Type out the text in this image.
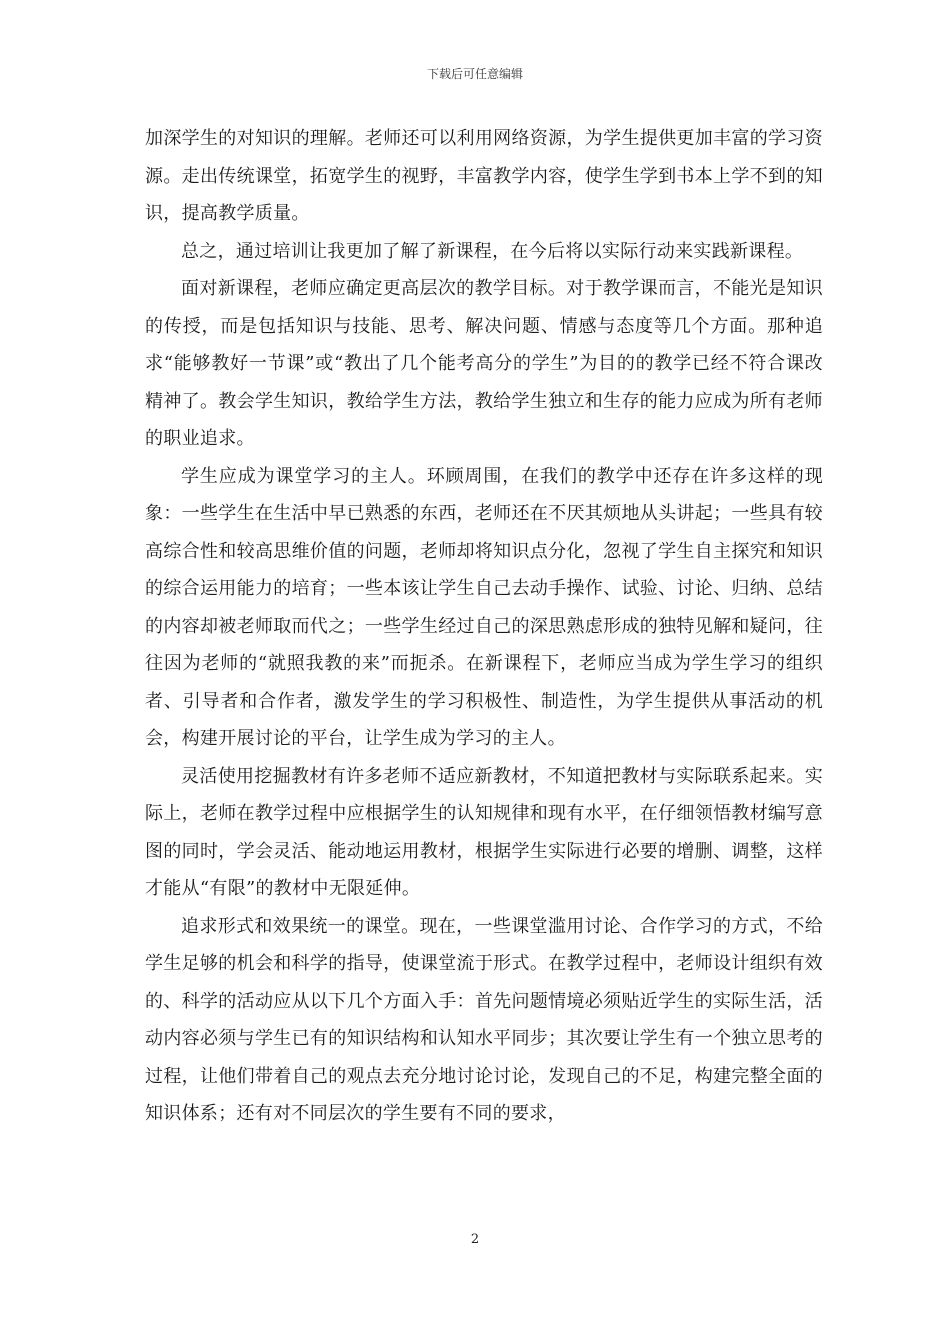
下载后可任意编辑

加深学生的对知识的理解。老师还可以利用网络资源，为学生提供更加丰富的学习资源。走出传统课堂，拓宽学生的视野，丰富教学内容，使学生学到书本上学不到的知识，提高教学质量。

总之，通过培训让我更加了解了新课程，在今后将以实际行动来实践新课程。

面对新课程，老师应确定更高层次的教学目标。对于教学课而言，不能光是知识的传授，而是包括知识与技能、思考、解决问题、情感与态度等几个方面。那种追求“能够教好一节课”或“教出了几个能考高分的学生”为目的的教学已经不符合课改精神了。教会学生知识，教给学生方法，教给学生独立和生存的能力应成为所有老师的职业追求。

学生应成为课堂学习的主人。环顾周围，在我们的教学中还存在许多这样的现象：一些学生在生活中早已熟悉的东西，老师还在不厌其烦地从头讲起；一些具有较高综合性和较高思维价值的问题，老师却将知识点分化，忽视了学生自主探究和知识的综合运用能力的培育；一些本该让学生自己去动手操作、试验、讨论、归纳、总结的内容却被老师取而代之；一些学生经过自己的深思熟虑形成的独特见解和疑问，往往因为老师的“就照我教的来”而扼杀。在新课程下，老师应当成为学生学习的组织者、引导者和合作者，激发学生的学习积极性、制造性，为学生提供从事活动的机会，构建开展讨论的平台，让学生成为学习的主人。

灵活使用挖掘教材有许多老师不适应新教材，不知道把教材与实际联系起来。实际上，老师在教学过程中应根据学生的认知规律和现有水平，在仔细领悟教材编写意图的同时，学会灵活、能动地运用教材，根据学生实际进行必要的增删、调整，这样才能从“有限”的教材中无限延伸。

追求形式和效果统一的课堂。现在，一些课堂滥用讨论、合作学习的方式，不给学生足够的机会和科学的指导，使课堂流于形式。在教学过程中，老师设计组织有效的、科学的活动应从以下几个方面入手：首先问题情境必须贴近学生的实际生活，活动内容必须与学生已有的知识结构和认知水平同步；其次要让学生有一个独立思考的过程，让他们带着自己的观点去充分地讨论讨论，发现自己的不足，构建完整全面的知识体系；还有对不同层次的学生要有不同的要求，

2
